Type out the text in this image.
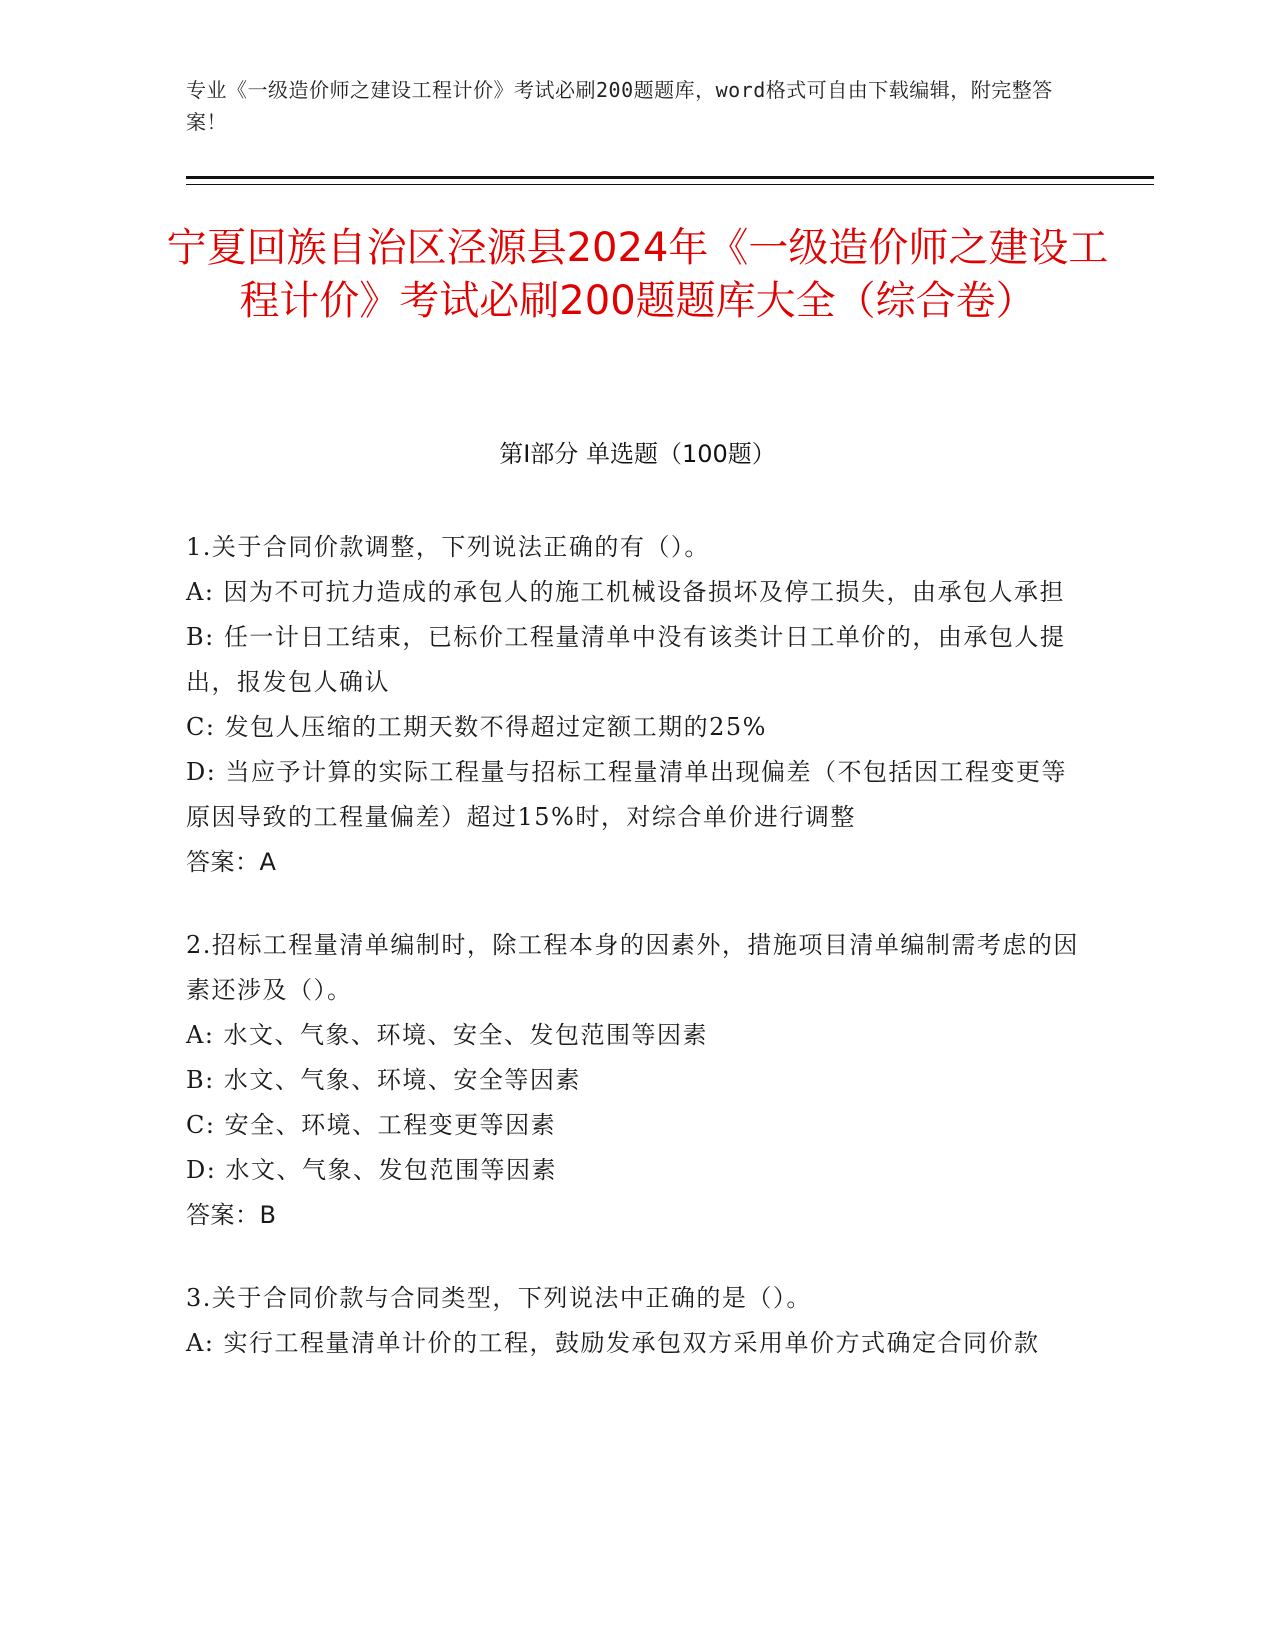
专业《一级造价师之建设工程计价》考试必刷200题题库，word格式可自由下载编辑，附完整答案！
宁夏回族自治区泾源县2024年《一级造价师之建设工程计价》考试必刷200题题库大全（综合卷）
第I部分 单选题（100题）
1.关于合同价款调整，下列说法正确的有（）。
A: 因为不可抗力造成的承包人的施工机械设备损坏及停工损失，由承包人承担
B: 任一计日工结束，已标价工程量清单中没有该类计日工单价的，由承包人提出，报发包人确认
C: 发包人压缩的工期天数不得超过定额工期的25%
D: 当应予计算的实际工程量与招标工程量清单出现偏差（不包括因工程变更等原因导致的工程量偏差）超过15%时，对综合单价进行调整
答案：A
2.招标工程量清单编制时，除工程本身的因素外，措施项目清单编制需考虑的因素还涉及（）。
A: 水文、气象、环境、安全、发包范围等因素
B: 水文、气象、环境、安全等因素
C: 安全、环境、工程变更等因素
D: 水文、气象、发包范围等因素
答案：B
3.关于合同价款与合同类型，下列说法中正确的是（）。
A: 实行工程量清单计价的工程，鼓励发承包双方采用单价方式确定合同价款
